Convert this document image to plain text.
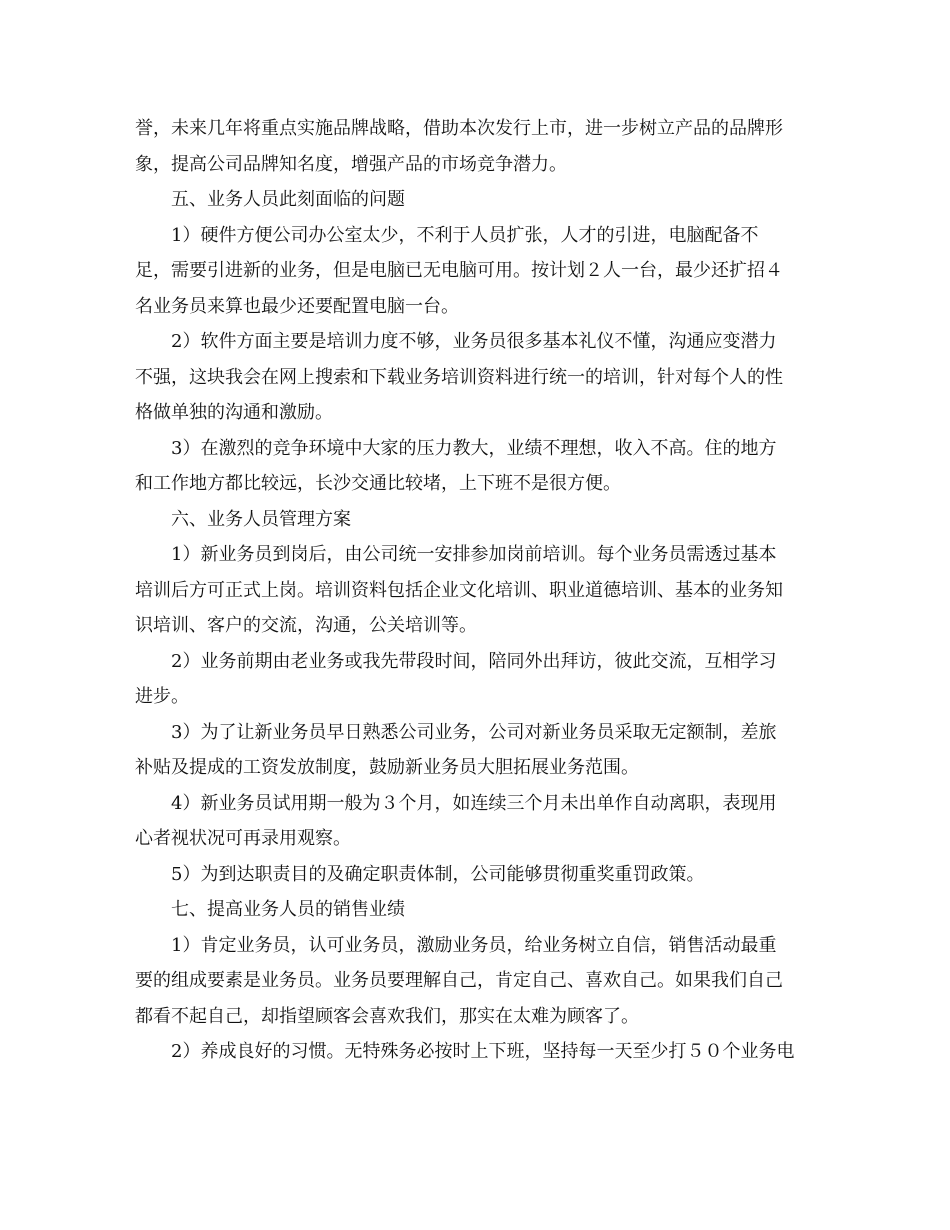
誉，未来几年将重点实施品牌战略，借助本次发行上市，进一步树立产品的品牌形
象，提高公司品牌知名度，增强产品的市场竞争潜力。
五、业务人员此刻面临的问题
1）硬件方便公司办公室太少，不利于人员扩张，人才的引进，电脑配备不
足，需要引进新的业务，但是电脑已无电脑可用。按计划２人一台，最少还扩招４
名业务员来算也最少还要配置电脑一台。
2）软件方面主要是培训力度不够，业务员很多基本礼仪不懂，沟通应变潜力
不强，这块我会在网上搜索和下载业务培训资料进行统一的培训，针对每个人的性
格做单独的沟通和激励。
3）在激烈的竞争环境中大家的压力教大，业绩不理想，收入不高。住的地方
和工作地方都比较远，长沙交通比较堵，上下班不是很方便。
六、业务人员管理方案
1）新业务员到岗后，由公司统一安排参加岗前培训。每个业务员需透过基本
培训后方可正式上岗。培训资料包括企业文化培训、职业道德培训、基本的业务知
识培训、客户的交流，沟通，公关培训等。
2）业务前期由老业务或我先带段时间，陪同外出拜访，彼此交流，互相学习
进步。
3）为了让新业务员早日熟悉公司业务，公司对新业务员采取无定额制，差旅
补贴及提成的工资发放制度，鼓励新业务员大胆拓展业务范围。
4）新业务员试用期一般为３个月，如连续三个月未出单作自动离职，表现用
心者视状况可再录用观察。
5）为到达职责目的及确定职责体制，公司能够贯彻重奖重罚政策。
七、提高业务人员的销售业绩
1）肯定业务员，认可业务员，激励业务员，给业务树立自信，销售活动最重
要的组成要素是业务员。业务员要理解自己，肯定自己、喜欢自己。如果我们自己
都看不起自己，却指望顾客会喜欢我们，那实在太难为顾客了。
2）养成良好的习惯。无特殊务必按时上下班，坚持每一天至少打５０个业务电
